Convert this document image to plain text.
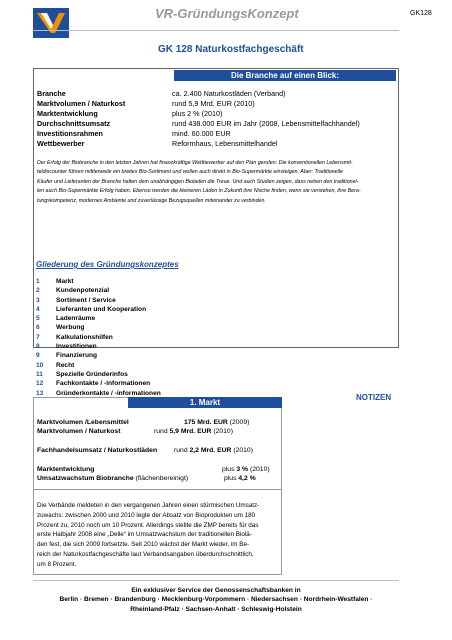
VR-GründungsKonzept	GK128
GK 128 Naturkostfachgeschäft
Die Branche auf einen Blick:
Branche	ca. 2.400 Naturkostläden (Verband)
Marktvolumen / Naturkost	rund 5,9 Mrd. EUR (2010)
Marktentwicklung	plus 2 % (2010)
Durchschnittsumsatz	rund 438.000 EUR im Jahr (2008, Lebensmittelfachhandel)
Investitionsrahmen	mind. 60.000 EUR
Wettbewerber	Reformhaus, Lebensmittelhandel
Der Erfolg der Biobranche in den letzten Jahren hat finanzkräftige Wettbewerber auf den Plan gerufen: Die konventionellen Lebensmit-
teldiscounter führen mittlerweile ein breites Bio-Sortiment und wollen auch direkt in Bio-Supermärkte einsteigen. Aber: Traditionelle
Käufer und Lieferanten der Branche halten dem unabhängigen Bioladen die Treue. Und auch Studien zeigen, dass neben den traditionel-
len auch Bio-Supermärkte Erfolg haben. Ebenso werden die kleineren Läden in Zukunft ihre Nische finden, wenn sie verstehen, ihre Bera-
tungskompetenz, modernes Ambiente und zuverlässige Bezugsquellen miteinander zu verbinden.
Gliederung des Gründungskonzeptes
1 Markt
2 Kundenpotenzial
3 Sortiment / Service
4 Lieferanten und Kooperation
5 Ladenräume
6 Werbung
7 Kalkulationshilfen
8 Investitionen
9 Finanzierung
10 Recht
11 Spezielle Gründerinfos
12 Fachkontakte / -informationen
13 Gründerkontakte / -informationen
1. Markt
Marktvolumen /Lebensmittel	175 Mrd. EUR (2009)
Marktvolumen / Naturkost	rund 5,9 Mrd. EUR (2010)
Fachhandelsumsatz / Naturkostläden rund 2,2 Mrd. EUR (2010)
Marktentwicklung	plus 3 % (2010)
Umsatzwachstum Biobranche (flächenbereinigt)	plus 4,2 %
Die Verbände meldeten in den vergangenen Jahren einen stürmischen Umsatz-
zuwachs: zwischen 2000 und 2010 legte der Absatz von Bioprodukten um 180
Prozent zu, 2010 noch um 10 Prozent. Allerdings stellte die ZMP bereits für das
erste Halbjahr 2008 eine „Delle“ im Umsatzwachstum der traditionellen Biolä-
den fest, die sich 2009 fortsetzte. Seit 2010 wächst der Markt wieder, im Be-
reich der Naturkostfachgeschäfte laut Verbandsangaben überdurchschnittlich,
um 8 Prozent.
NOTIZEN
Ein exklusiver Service der Genossenschaftsbanken in
Berlin · Bremen · Brandenburg · Mecklenburg-Vorpommern · Niedersachsen · Nordrhein-Westfalen ·
Rheinland-Pfalz · Sachsen-Anhalt · Schleswig-Holstein
